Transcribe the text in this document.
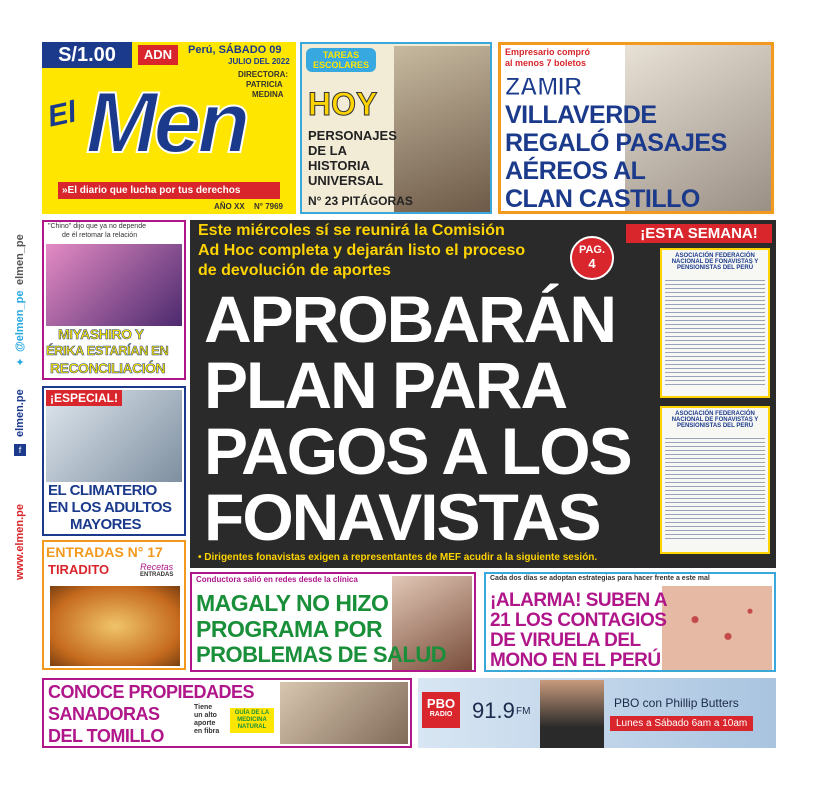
www.elmen.pe
f
elmen.pe
✦
@elmen_pe
elmen_pe
S/1.00	ADN	Perú, SÁBADO 09
JULIO DEL 2022
DIRECTORA:
PATRICIA
MEDINA
El Men
»El diario que lucha por tus derechos
AÑO XX N° 7969
TAREAS ESCOLARES
HOY
PERSONAJES
DE LA
HISTORIA
UNIVERSAL
N° 23 PITÁGORAS
Empresario compró
al menos 7 boletos
ZAMIR
VILLAVERDE
REGALÓ PASAJES
AÉREOS AL
CLAN CASTILLO
"Chino" dijo que ya no depende
de él retomar la relación
MIYASHIRO Y
ÉRIKA ESTARÍAN EN
RECONCILIACIÓN
¡ESPECIAL!
EL CLIMATERIO
EN LOS ADULTOS
MAYORES
ENTRADAS N° 17
TIRADITO	Recetas
ENTRADAS
Este miércoles sí se reunirá la Comisión
Ad Hoc completa y dejarán listo el proceso
de devolución de aportes
PAG.
4
¡ESTA SEMANA!
ASOCIACIÓN FEDERACIÓN NACIONAL DE FONAVISTAS Y PENSIONISTAS DEL PERÚ
ASOCIACIÓN FEDERACIÓN NACIONAL DE FONAVISTAS Y PENSIONISTAS DEL PERÚ
APROBARÁN
PLAN PARA
PAGOS A LOS
FONAVISTAS
• Dirigentes fonavistas exigen a representantes de MEF acudir a la siguiente sesión.
Conductora salió en redes desde la clínica
MAGALY NO HIZO
PROGRAMA POR
PROBLEMAS DE SALUD
Cada dos días se adoptan estrategias para hacer frente a este mal
¡ALARMA! SUBEN A
21 LOS CONTAGIOS
DE VIRUELA DEL
MONO EN EL PERÚ
CONOCE PROPIEDADES
SANADORAS
DEL TOMILLO
Tiene
un alto
aporte
en fibra
GUÍA DE LA
MEDICINA
NATURAL
PBO
RADIO 91.9 FM
PBO con Phillip Butters
Lunes a Sábado 6am a 10am
